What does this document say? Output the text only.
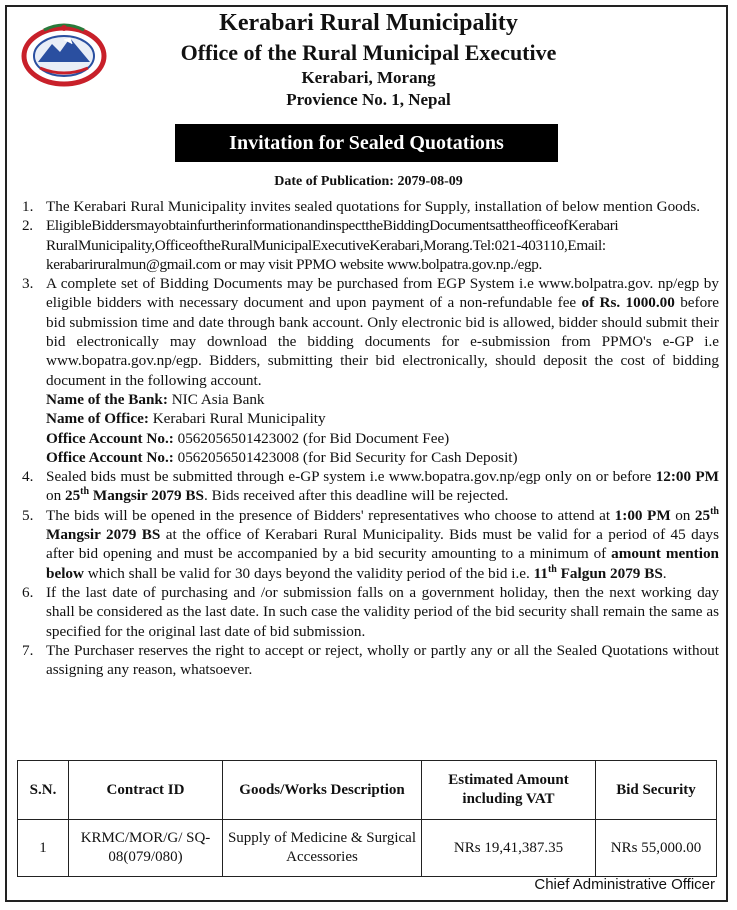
Kerabari Rural Municipality
Office of the Rural Municipal Executive
Kerabari, Morang
Provience No. 1, Nepal
Invitation for Sealed Quotations
Date of Publication: 2079-08-09
1. The Kerabari Rural Municipality invites sealed quotations for Supply, installation of below mention Goods.
2. EligibleBiddersmayobtainfurtherinformationandinspecttheBiddingDocumentsattheofficeofKerabari RuralMunicipality,OfficeoftheRuralMunicipalExecutiveKerabari,Morang.Tel:021-403110,Email: kerabariruralmun@gmail.com or may visit PPMO website www.bolpatra.gov.np./egp.
3. A complete set of Bidding Documents may be purchased from EGP System i.e www.bolpatra.gov. np/egp by eligible bidders with necessary document and upon payment of a non-refundable fee of Rs. 1000.00 before bid submission time and date through bank account. Only electronic bid is allowed, bidder should submit their bid electronically may download the bidding documents for e-submission from PPMO's e-GP i.e www.bopatra.gov.np/egp. Bidders, submitting their bid electronically, should deposit the cost of bidding document in the following account.
Name of the Bank: NIC Asia Bank
Name of Office: Kerabari Rural Municipality
Office Account No.: 0562056501423002 (for Bid Document Fee)
Office Account No.: 0562056501423008 (for Bid Security for Cash Deposit)
4. Sealed bids must be submitted through e-GP system i.e www.bopatra.gov.np/egp only on or before 12:00 PM on 25th Mangsir 2079 BS. Bids received after this deadline will be rejected.
5. The bids will be opened in the presence of Bidders' representatives who choose to attend at 1:00 PM on 25th Mangsir 2079 BS at the office of Kerabari Rural Municipality. Bids must be valid for a period of 45 days after bid opening and must be accompanied by a bid security amounting to a minimum of amount mention below which shall be valid for 30 days beyond the validity period of the bid i.e. 11th Falgun 2079 BS.
6. If the last date of purchasing and /or submission falls on a government holiday, then the next working day shall be considered as the last date. In such case the validity period of the bid security shall remain the same as specified for the original last date of bid submission.
7. The Purchaser reserves the right to accept or reject, wholly or partly any or all the Sealed Quotations without assigning any reason, whatsoever.
S.N.	Contract ID	Goods/Works Description	Estimated Amount including VAT	Bid Security
1	KRMC/MOR/G/ SQ-08(079/080)	Supply of Medicine & Surgical Accessories	NRs 19,41,387.35	NRs 55,000.00
Chief Administrative Officer
